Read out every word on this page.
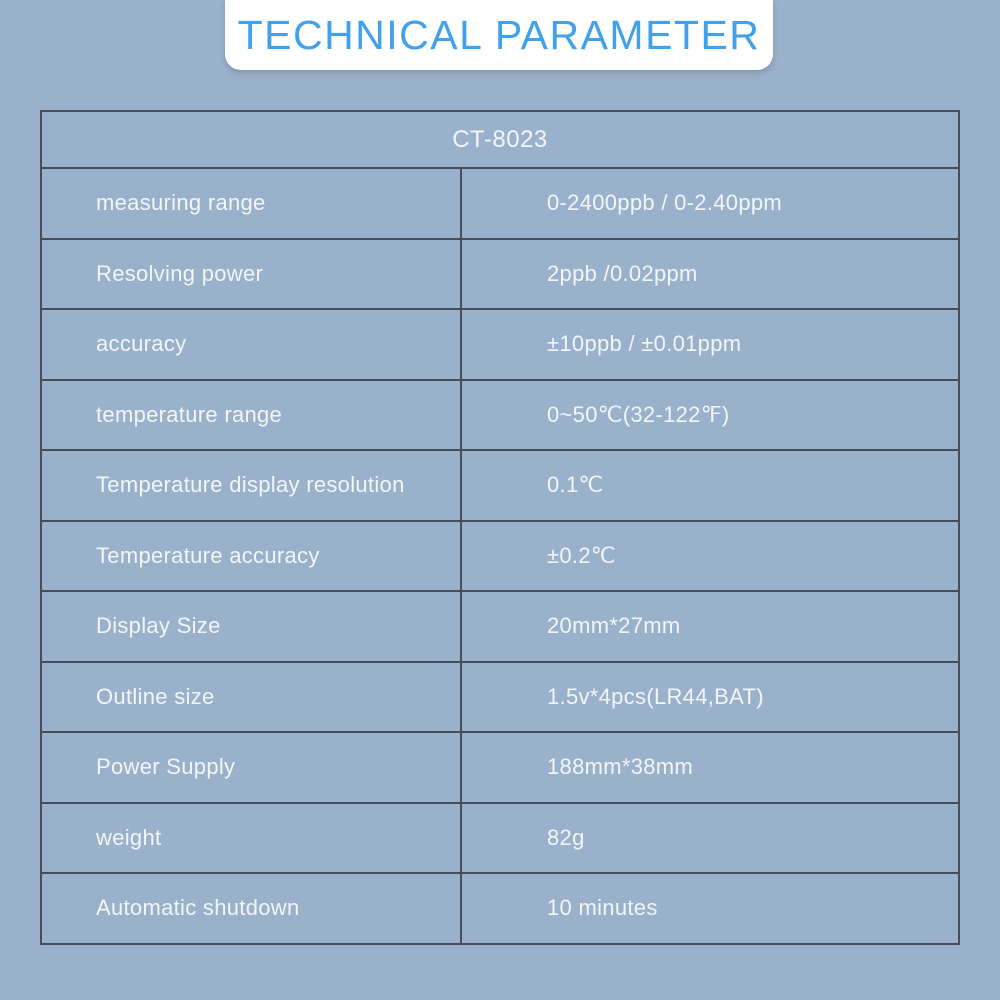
TECHNICAL PARAMETER
CT-8023
measuring range	0-2400ppb / 0-2.40ppm
Resolving power	2ppb /0.02ppm
accuracy	±10ppb / ±0.01ppm
temperature range	0~50℃(32-122℉)
Temperature display resolution	0.1℃
Temperature accuracy	±0.2℃
Display Size	20mm*27mm
Outline size	1.5v*4pcs(LR44,BAT)
Power Supply	188mm*38mm
weight	82g
Automatic shutdown	10 minutes
